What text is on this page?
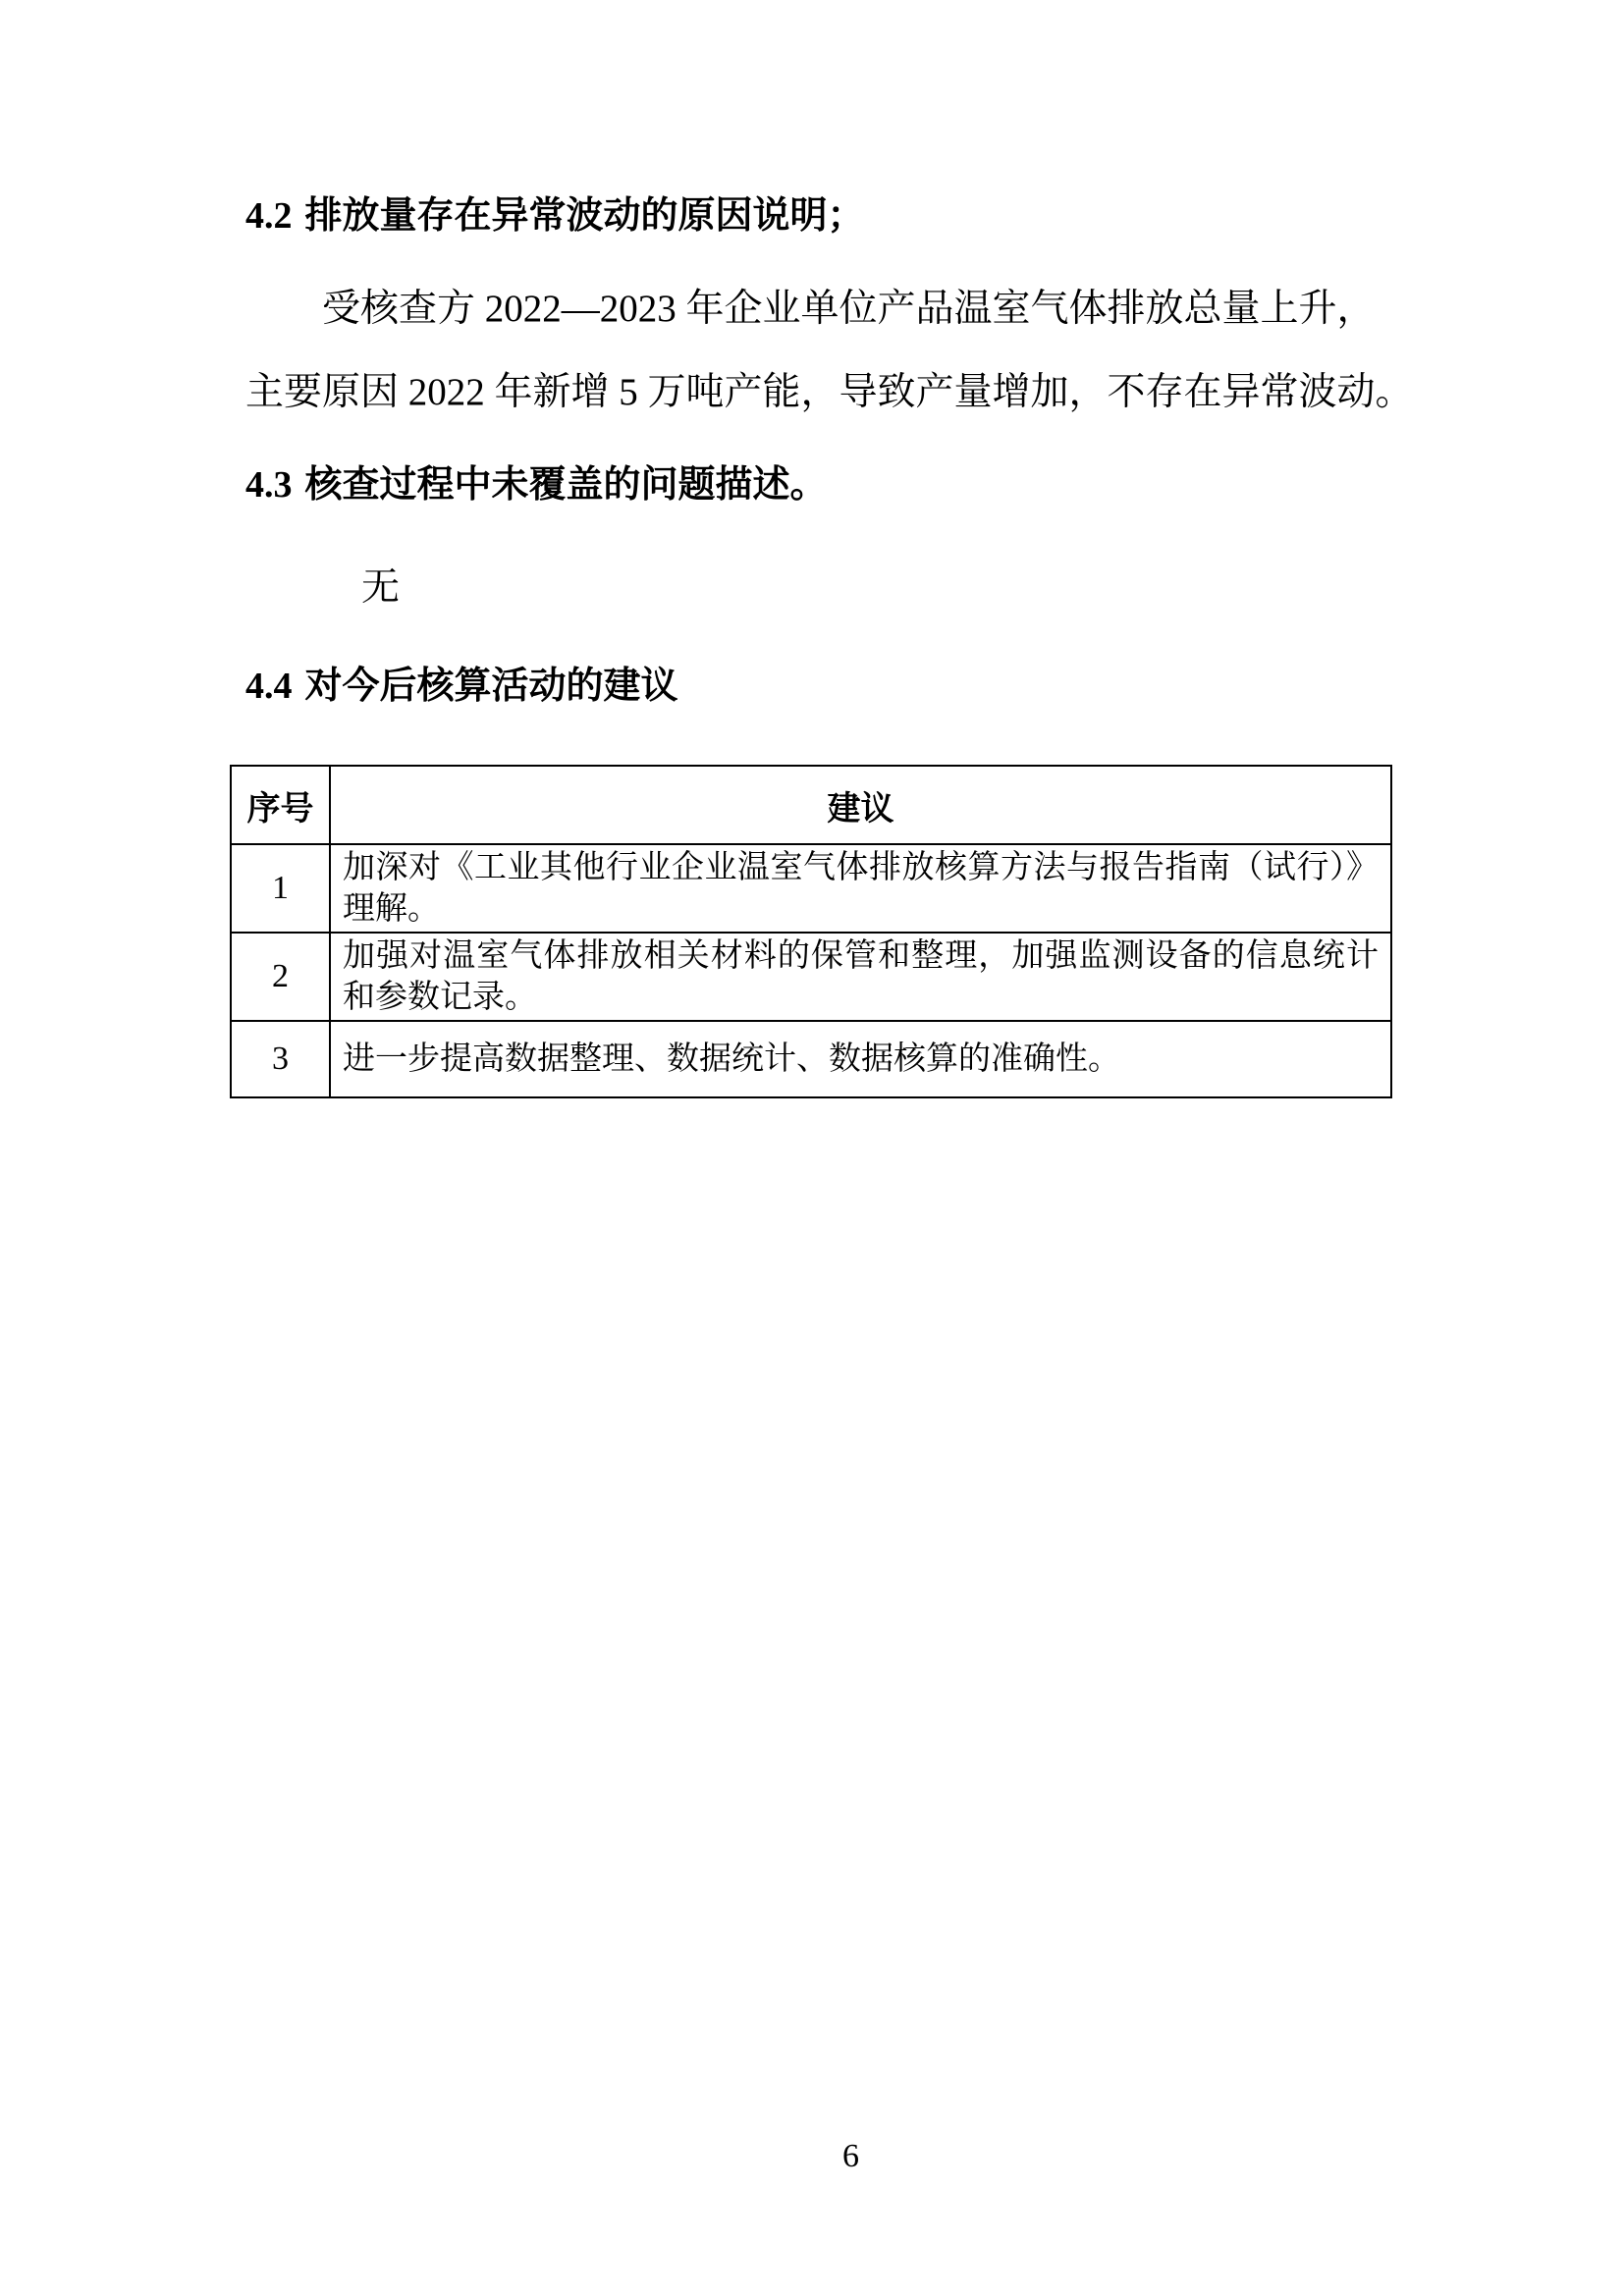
4.2 排放量存在异常波动的原因说明；
受核查方 2022—2023 年企业单位产品温室气体排放总量上升，
主要原因 2022 年新增 5 万吨产能，导致产量增加，不存在异常波动。
4.3 核查过程中未覆盖的问题描述。
无
4.4 对今后核算活动的建议
序号	建议
1	加深对《工业其他行业企业温室气体排放核算方法与报告指南（试行）》理解。
2	加强对温室气体排放相关材料的保管和整理，加强监测设备的信息统计和参数记录。
3	进一步提高数据整理、数据统计、数据核算的准确性。
6
